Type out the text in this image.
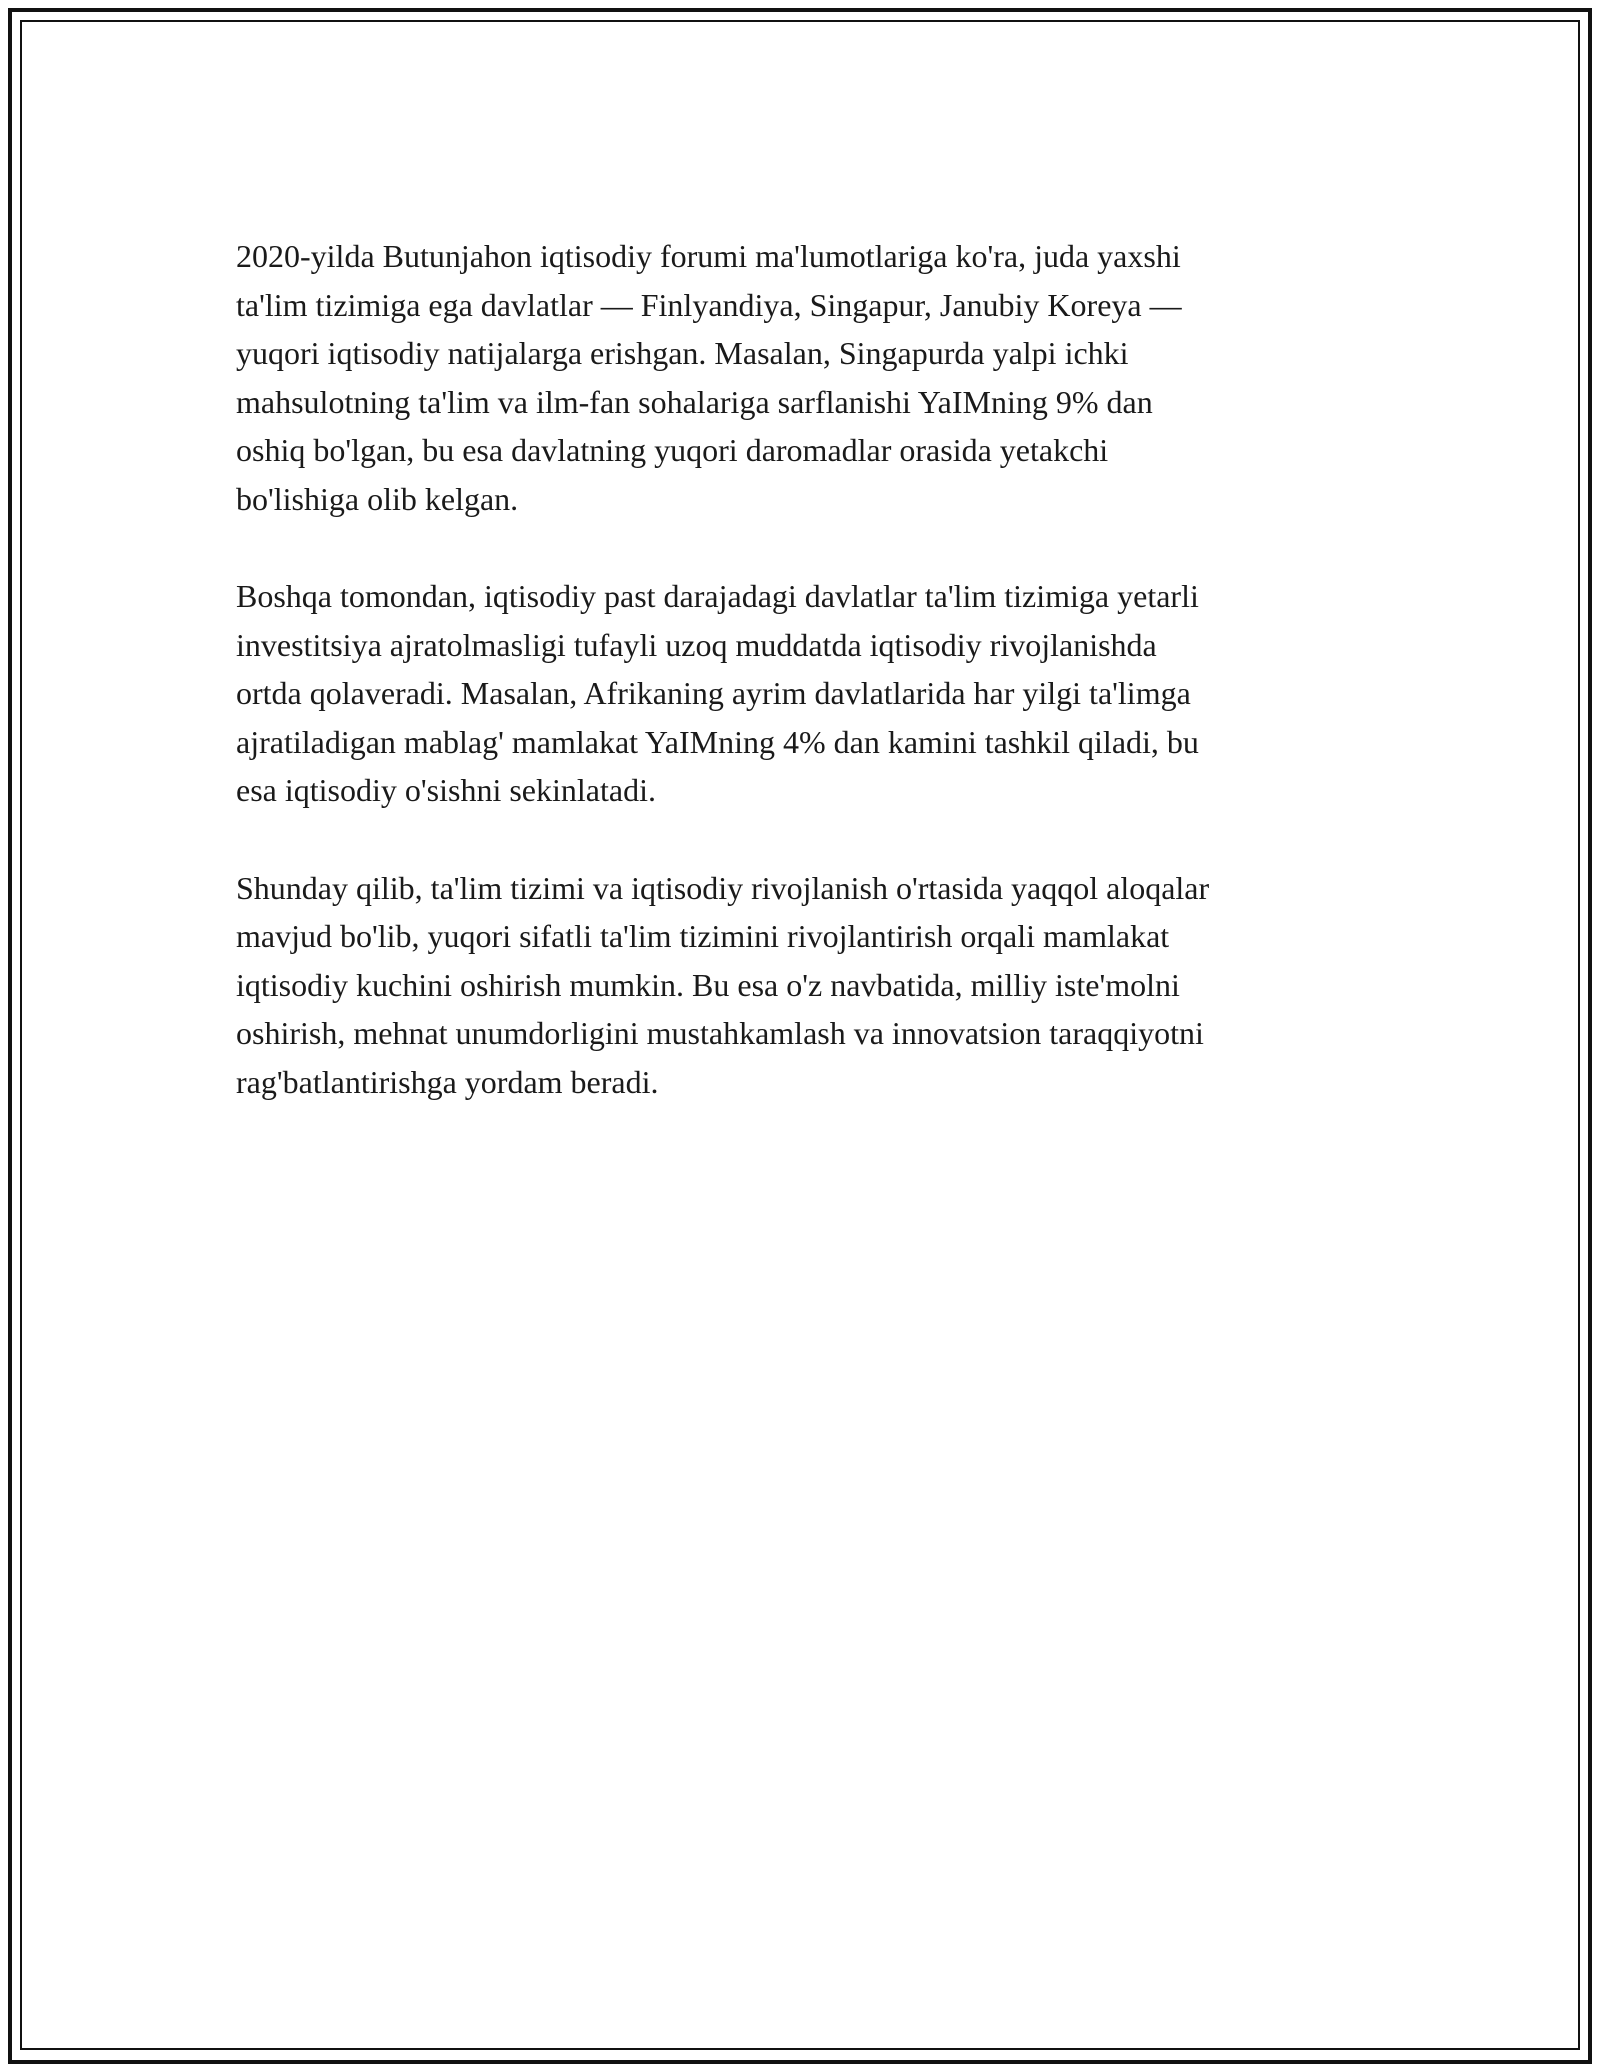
2020-yilda Butunjahon iqtisodiy forumi ma'lumotlariga ko'ra, juda yaxshi
ta'lim tizimiga ega davlatlar — Finlyandiya, Singapur, Janubiy Koreya —
yuqori iqtisodiy natijalarga erishgan. Masalan, Singapurda yalpi ichki
mahsulotning ta'lim va ilm-fan sohalariga sarflanishi YaIMning 9% dan
oshiq bo'lgan, bu esa davlatning yuqori daromadlar orasida yetakchi
bo'lishiga olib kelgan.

Boshqa tomondan, iqtisodiy past darajadagi davlatlar ta'lim tizimiga yetarli
investitsiya ajratolmasligi tufayli uzoq muddatda iqtisodiy rivojlanishda
ortda qolaveradi. Masalan, Afrikaning ayrim davlatlarida har yilgi ta'limga
ajratiladigan mablag' mamlakat YaIMning 4% dan kamini tashkil qiladi, bu
esa iqtisodiy o'sishni sekinlatadi.

Shunday qilib, ta'lim tizimi va iqtisodiy rivojlanish o'rtasida yaqqol aloqalar
mavjud bo'lib, yuqori sifatli ta'lim tizimini rivojlantirish orqali mamlakat
iqtisodiy kuchini oshirish mumkin. Bu esa o'z navbatida, milliy iste'molni
oshirish, mehnat unumdorligini mustahkamlash va innovatsion taraqqiyotni
rag'batlantirishga yordam beradi.
